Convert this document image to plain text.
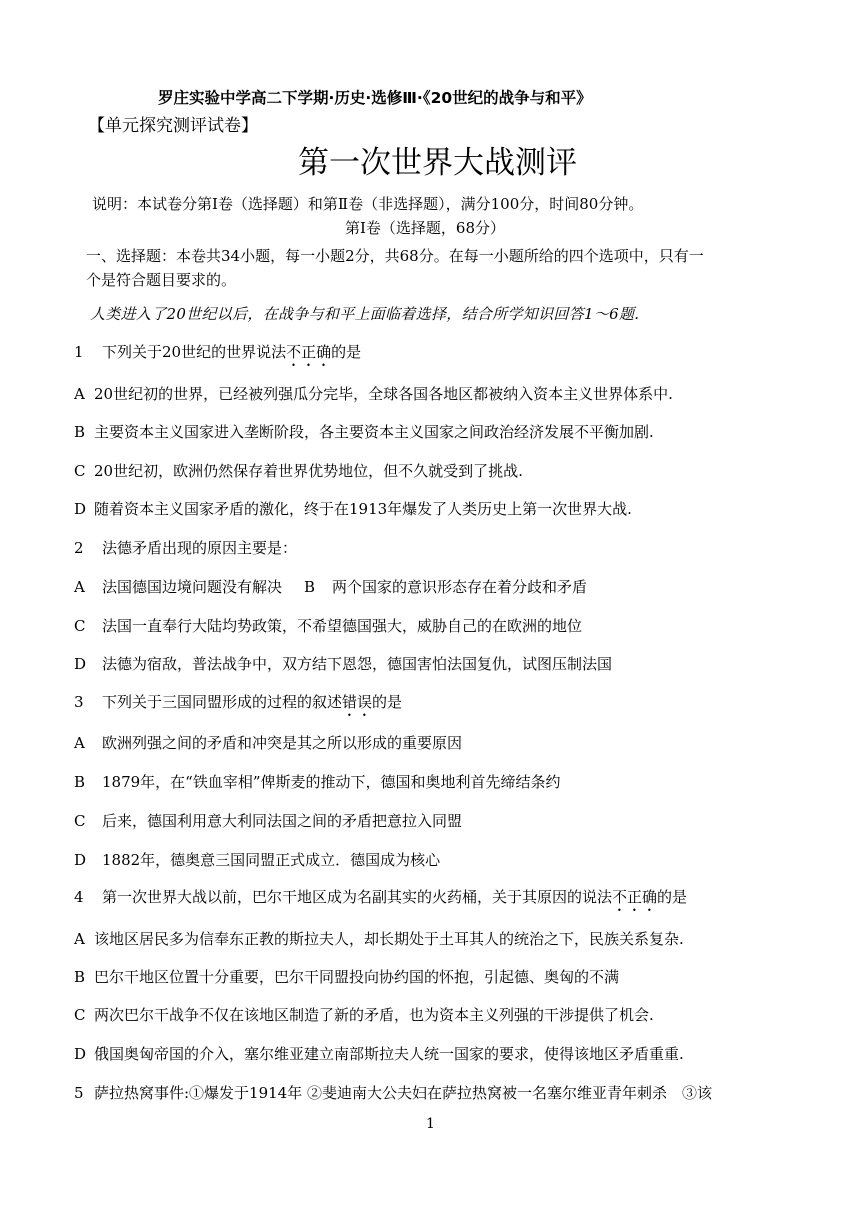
罗庄实验中学高二下学期·历史·选修Ⅲ·《20世纪的战争与和平》
【单元探究测评试卷】
第一次世界大战测评
说明：本试卷分第Ⅰ卷（选择题）和第Ⅱ卷（非选择题），满分100分，时间80分钟。
第Ⅰ卷（选择题，68分）
一、选择题：本卷共34小题，每一小题2分，共68分。在每一小题所给的四个选项中，只有一
个是符合题目要求的。
人类进入了20世纪以后，在战争与和平上面临着选择，结合所学知识回答1～6题.
1 下列关于20世纪的世界说法不正确的是
A 20世纪初的世界，已经被列强瓜分完毕，全球各国各地区都被纳入资本主义世界体系中.
B 主要资本主义国家进入垄断阶段，各主要资本主义国家之间政治经济发展不平衡加剧.
C 20世纪初，欧洲仍然保存着世界优势地位，但不久就受到了挑战.
D 随着资本主义国家矛盾的激化，终于在1913年爆发了人类历史上第一次世界大战.
2 法德矛盾出现的原因主要是：
A 法国德国边境问题没有解决 B 两个国家的意识形态存在着分歧和矛盾
C 法国一直奉行大陆均势政策，不希望德国强大，威胁自己的在欧洲的地位
D 法德为宿敌，普法战争中，双方结下恩怨，德国害怕法国复仇，试图压制法国
3 下列关于三国同盟形成的过程的叙述错误的是
A 欧洲列强之间的矛盾和冲突是其之所以形成的重要原因
B 1879年，在“铁血宰相”俾斯麦的推动下，德国和奥地利首先缔结条约
C 后来，德国利用意大利同法国之间的矛盾把意拉入同盟
D 1882年，德奥意三国同盟正式成立．德国成为核心
4 第一次世界大战以前，巴尔干地区成为名副其实的火药桶，关于其原因的说法不正确的是
A 该地区居民多为信奉东正教的斯拉夫人，却长期处于土耳其人的统治之下，民族关系复杂.
B 巴尔干地区位置十分重要，巴尔干同盟投向协约国的怀抱，引起德、奥匈的不满
C 两次巴尔干战争不仅在该地区制造了新的矛盾，也为资本主义列强的干涉提供了机会.
D 俄国奥匈帝国的介入，塞尔维亚建立南部斯拉夫人统一国家的要求，使得该地区矛盾重重.
5 萨拉热窝事件:①爆发于1914年 ②斐迪南大公夫妇在萨拉热窝被一名塞尔维亚青年刺杀　③该
1
